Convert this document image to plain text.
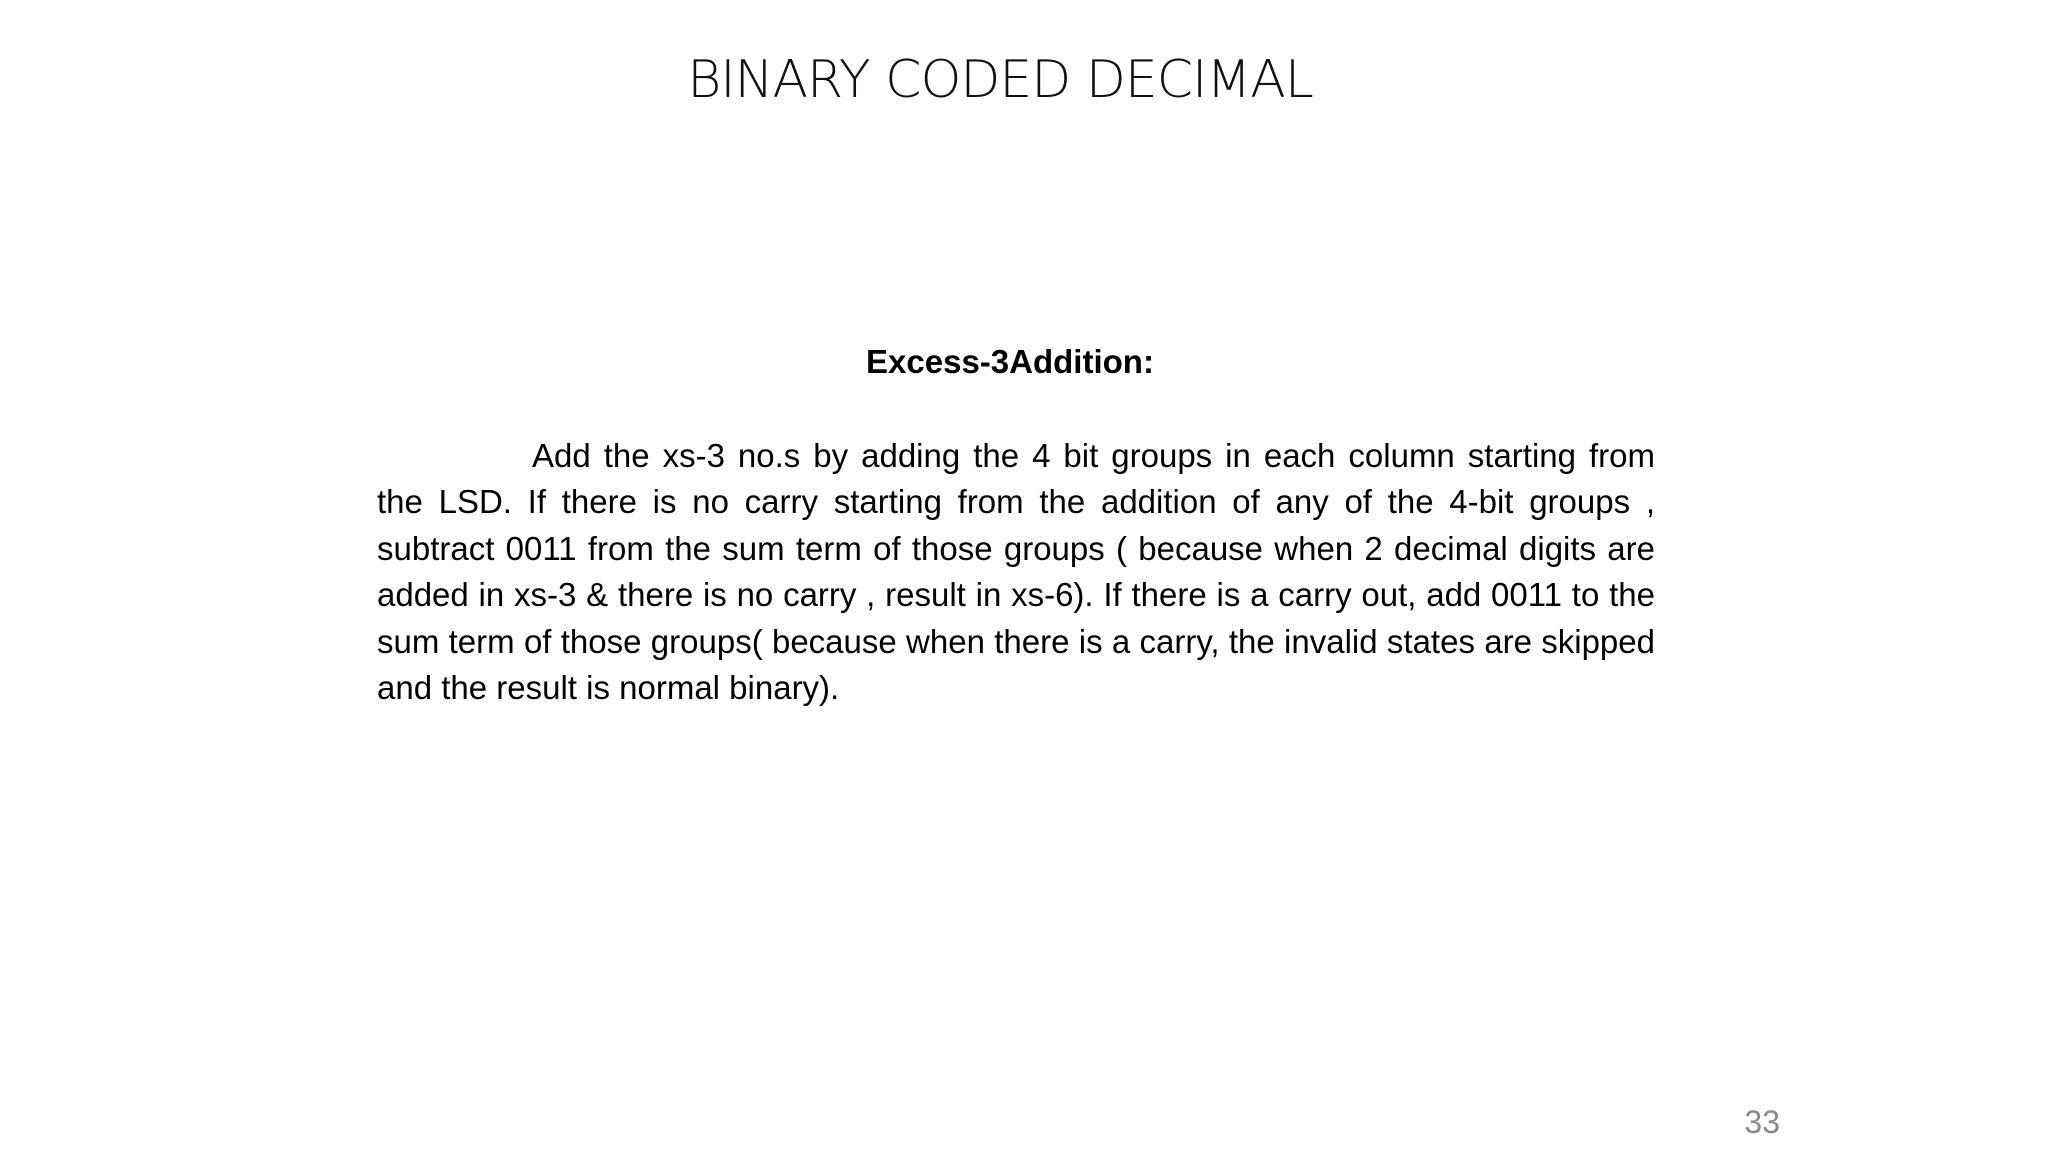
BINARY CODED DECIMAL
Excess-3Addition:

Add the xs-3 no.s by adding the 4 bit groups in each column starting from the LSD. If there is no carry starting from the addition of any of the 4-bit groups , subtract 0011 from the sum term of those groups ( because when 2 decimal digits are added in xs-3 & there is no carry , result in xs-6). If there is a carry out, add 0011 to the sum term of those groups( because when there is a carry, the invalid states are skipped and the result is normal binary).

33
